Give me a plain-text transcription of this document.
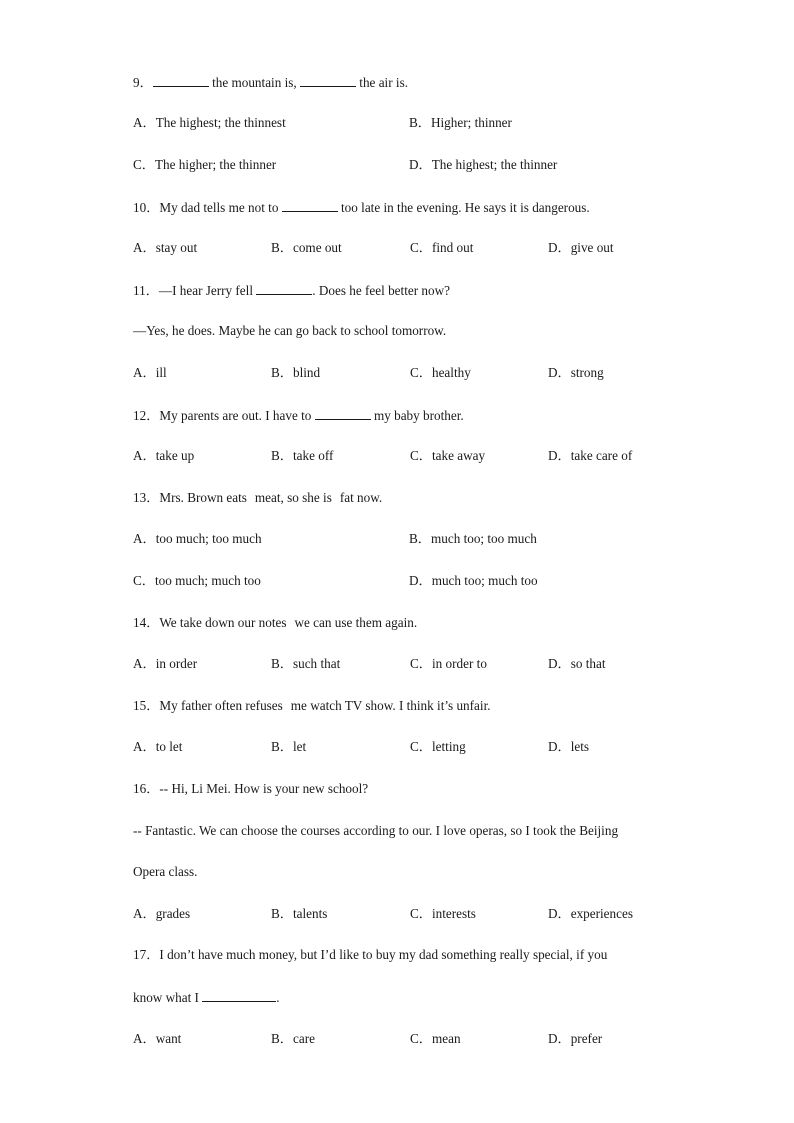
9．	the mountain is,	the air is.
A．The highest; the thinnest	B．Higher; thinner
C．The higher; the thinner	D．The highest; the thinner
10．My dad tells me not to	too late in the evening. He says it is dangerous.
A．stay out	B．come out	C．find out	D．give out
11．—I hear Jerry fell	. Does he feel better now?
—Yes, he does. Maybe he can go back to school tomorrow.
A．ill	B．blind	C．healthy	D．strong
12．My parents are out. I have to	my baby brother.
A．take up	B．take off	C．take away	D．take care of
13．Mrs. Brown eats meat, so she is fat now.
A．too much; too much	B．much too; too much
C．too much; much too	D．much too; much too
14．We take down our notes we can use them again.
A．in order	B．such that	C．in order to	D．so that
15．My father often refuses me watch TV show. I think it’s unfair.
A．to let	B．let	C．letting	D．lets
16．-- Hi, Li Mei. How is your new school?
-- Fantastic. We can choose the courses according to our. I love operas, so I took the Beijing
Opera class.
A．grades	B．talents	C．interests	D．experiences
17．I don’t have much money, but I’d like to buy my dad something really special, if you
know what I	.
A．want	B．care	C．mean	D．prefer
